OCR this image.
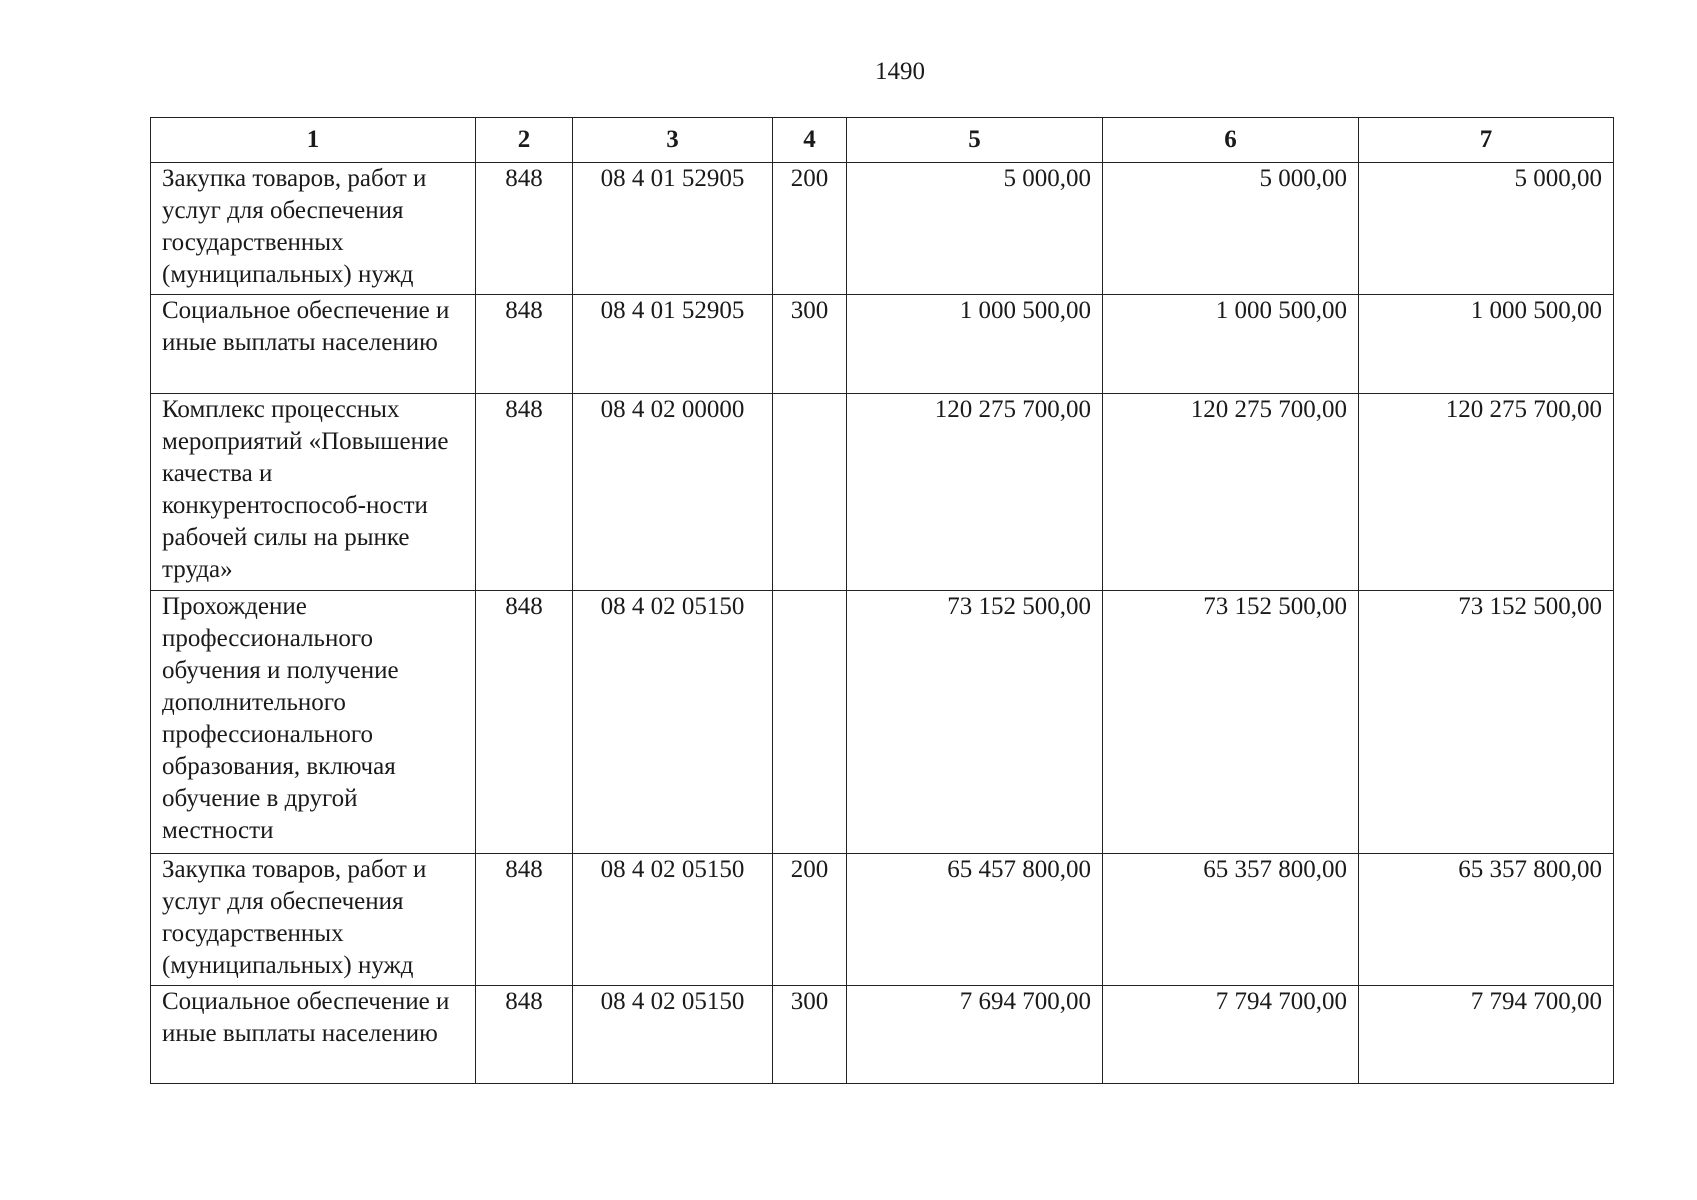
1490
1	2	3	4	5	6	7
Закупка товаров, работ и услуг для обеспечения государственных (муниципальных) нужд	848	08 4 01 52905	200	5 000,00	5 000,00	5 000,00
Социальное обеспечение и иные выплаты населению	848	08 4 01 52905	300	1 000 500,00	1 000 500,00	1 000 500,00
Комплекс процессных мероприятий «Повышение качества и конкурентоспособ-ности рабочей силы на рынке труда»	848	08 4 02 00000		120 275 700,00	120 275 700,00	120 275 700,00
Прохождение профессионального обучения и получение дополнительного профессионального образования, включая обучение в другой местности	848	08 4 02 05150		73 152 500,00	73 152 500,00	73 152 500,00
Закупка товаров, работ и услуг для обеспечения государственных (муниципальных) нужд	848	08 4 02 05150	200	65 457 800,00	65 357 800,00	65 357 800,00
Социальное обеспечение и иные выплаты населению	848	08 4 02 05150	300	7 694 700,00	7 794 700,00	7 794 700,00
